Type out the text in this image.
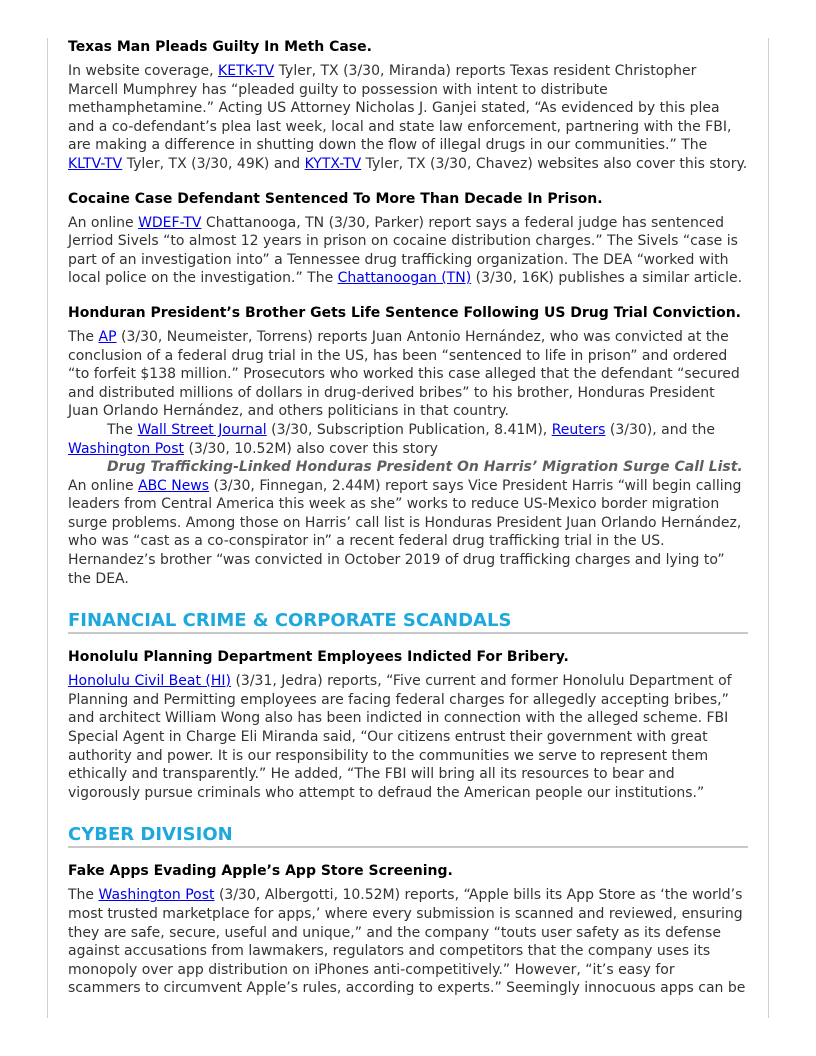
Texas Man Pleads Guilty In Meth Case.

In website coverage, KETK-TV Tyler, TX (3/30, Miranda) reports Texas resident Christopher Marcell Mumphrey has “pleaded guilty to possession with intent to distribute methamphetamine.” Acting US Attorney Nicholas J. Ganjei stated, “As evidenced by this plea and a co-defendant’s plea last week, local and state law enforcement, partnering with the FBI, are making a difference in shutting down the flow of illegal drugs in our communities.” The KLTV-TV Tyler, TX (3/30, 49K) and KYTX-TV Tyler, TX (3/30, Chavez) websites also cover this story.

Cocaine Case Defendant Sentenced To More Than Decade In Prison.

An online WDEF-TV Chattanooga, TN (3/30, Parker) report says a federal judge has sentenced Jerriod Sivels “to almost 12 years in prison on cocaine distribution charges.” The Sivels “case is part of an investigation into” a Tennessee drug trafficking organization. The DEA “worked with local police on the investigation.” The Chattanoogan (TN) (3/30, 16K) publishes a similar article.

Honduran President’s Brother Gets Life Sentence Following US Drug Trial Conviction.

The AP (3/30, Neumeister, Torrens) reports Juan Antonio Hernández, who was convicted at the conclusion of a federal drug trial in the US, has been “sentenced to life in prison” and ordered “to forfeit $138 million.” Prosecutors who worked this case alleged that the defendant “secured and distributed millions of dollars in drug-derived bribes” to his brother, Honduras President Juan Orlando Hernández, and others politicians in that country.

The Wall Street Journal (3/30, Subscription Publication, 8.41M), Reuters (3/30), and the Washington Post (3/30, 10.52M) also cover this story

Drug Trafficking-Linked Honduras President On Harris’ Migration Surge Call List.

An online ABC News (3/30, Finnegan, 2.44M) report says Vice President Harris “will begin calling leaders from Central America this week as she” works to reduce US-Mexico border migration surge problems. Among those on Harris’ call list is Honduras President Juan Orlando Hernández, who was “cast as a co-conspirator in” a recent federal drug trafficking trial in the US. Hernandez’s brother “was convicted in October 2019 of drug trafficking charges and lying to” the DEA.

FINANCIAL CRIME & CORPORATE SCANDALS
Honolulu Planning Department Employees Indicted For Bribery.

Honolulu Civil Beat (HI) (3/31, Jedra) reports, “Five current and former Honolulu Department of Planning and Permitting employees are facing federal charges for allegedly accepting bribes,” and architect William Wong also has been indicted in connection with the alleged scheme. FBI Special Agent in Charge Eli Miranda said, “Our citizens entrust their government with great authority and power. It is our responsibility to the communities we serve to represent them ethically and transparently.” He added, “The FBI will bring all its resources to bear and vigorously pursue criminals who attempt to defraud the American people our institutions.”

CYBER DIVISION
Fake Apps Evading Apple’s App Store Screening.

The Washington Post (3/30, Albergotti, 10.52M) reports, “Apple bills its App Store as ‘the world’s most trusted marketplace for apps,’ where every submission is scanned and reviewed, ensuring they are safe, secure, useful and unique,” and the company “touts user safety as its defense against accusations from lawmakers, regulators and competitors that the company uses its monopoly over app distribution on iPhones anti-competitively.” However, “it’s easy for scammers to circumvent Apple’s rules, according to experts.” Seemingly innocuous apps can be
